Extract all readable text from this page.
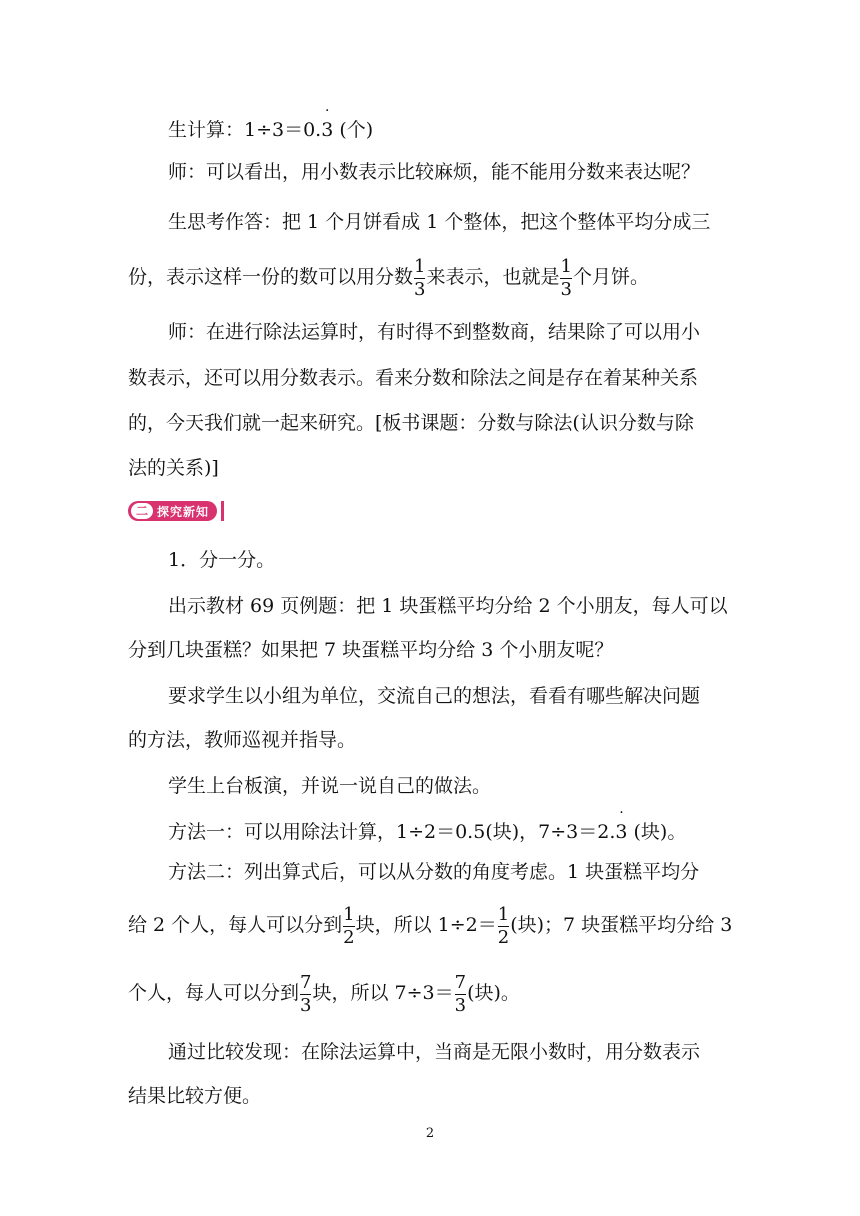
生计算：1÷3＝0.
·
3 (个)

师：可以看出，用小数表示比较麻烦，能不能用分数来表达呢？

生思考作答：把 1 个月饼看成 1 个整体，把这个整体平均分成三

份，表示这样一份的数可以用分数 $\frac{1}{3}$ 来表示，也就是 $\frac{1}{3}$ 个月饼。

师：在进行除法运算时，有时得不到整数商，结果除了可以用小

数表示，还可以用分数表示。看来分数和除法之间是存在着某种关系

的，今天我们就一起来研究。[板书课题：分数与除法(认识分数与除

法的关系)]

二 探究新知

1．分一分。

出示教材 69 页例题：把 1 块蛋糕平均分给 2 个小朋友，每人可以

分到几块蛋糕？如果把 7 块蛋糕平均分给 3 个小朋友呢？

要求学生以小组为单位，交流自己的想法，看看有哪些解决问题

的方法，教师巡视并指导。

学生上台板演，并说一说自己的做法。

方法一：可以用除法计算，1÷2＝0.5(块)，7÷3＝2.
·
3 (块)。

方法二：列出算式后，可以从分数的角度考虑。1 块蛋糕平均分

给 2 个人，每人可以分到 $\frac{1}{2}$ 块，所以 $1\div 2= \frac{1}{2}$ (块)；7 块蛋糕平均分给 3

个人，每人可以分到 $\frac{7}{3}$ 块，所以 $7\div 3= \frac{7}{3}$ (块)。

通过比较发现：在除法运算中，当商是无限小数时，用分数表示

结果比较方便。

2
